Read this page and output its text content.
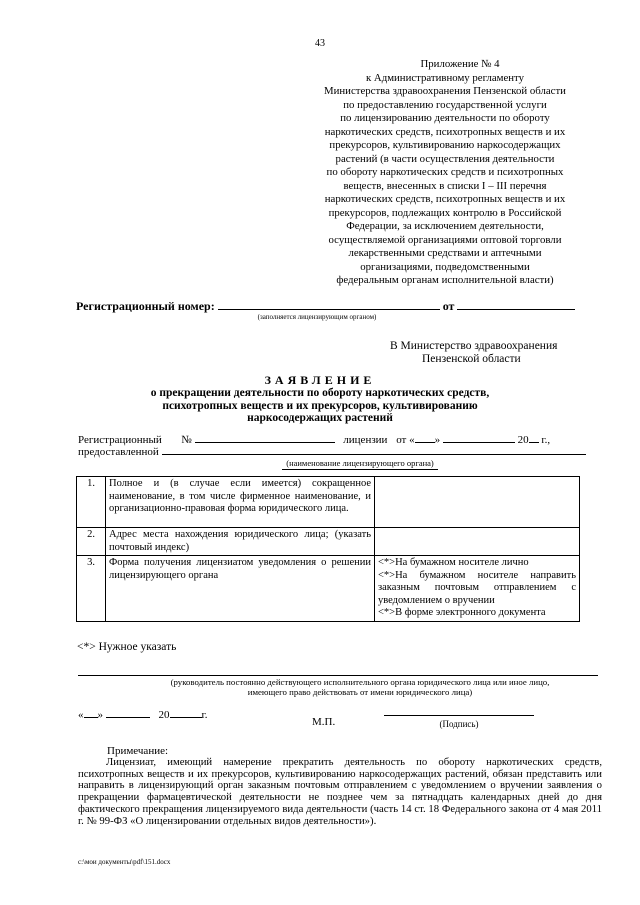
43
Приложение № 4
к Административному регламенту
Министерства здравоохранения Пензенской области
по предоставлению государственной услуги
по лицензированию деятельности по обороту
наркотических средств, психотропных веществ и их
прекурсоров, культивированию наркосодержащих
растений (в части осуществления деятельности
по обороту наркотических средств и психотропных
веществ, внесенных в списки I – III перечня
наркотических средств, психотропных веществ и их
прекурсоров, подлежащих контролю в Российской
Федерации, за исключением деятельности,
осуществляемой организациями оптовой торговли
лекарственными средствами и аптечными
организациями, подведомственными
федеральным органам исполнительной власти)
Регистрационный номер:	от
(заполняется лицензирующим органом)
В Министерство здравоохранения
Пензенской области
ЗАЯВЛЕНИЕ
о прекращении деятельности по обороту наркотических средств,
психотропных веществ и их прекурсоров, культивированию
наркосодержащих растений
Регистрационный №	лицензии от « »	20 г.,
предоставленной
(наименование лицензирующего органа)
1.	Полное и (в случае если имеется) сокращенное наименование, в том числе фирменное наименование, и организационно-правовая форма юридического лица.	
2.	Адрес места нахождения юридического лица; (указать почтовый индекс)	
3.	Форма получения лицензиатом уведомления о решении лицензирующего органа	<*>На бумажном носителе лично
<*>На бумажном носителе направить заказным почтовым отправлением с уведомлением о вручении
<*>В форме электронного документа
<*> Нужное указать
(руководитель постоянно действующего исполнительного органа юридического лица или иное лицо,
имеющего право действовать от имени юридического лица)
« »	20	г.
М.П.	(Подпись)
Примечание:
Лицензиат, имеющий намерение прекратить деятельность по обороту наркотических средств, психотропных веществ и их прекурсоров, культивированию наркосодержащих растений, обязан представить или направить в лицензирующий орган заказным почтовым отправлением с уведомлением о вручении заявления о прекращении фармацевтической деятельности не позднее чем за пятнадцать календарных дней до дня фактического прекращения лицензируемого вида деятельности (часть 14 ст. 18 Федерального закона от 4 мая 2011 г. № 99-ФЗ «О лицензировании отдельных видов деятельности»).
c:\мои документы\pdf\151.docx
